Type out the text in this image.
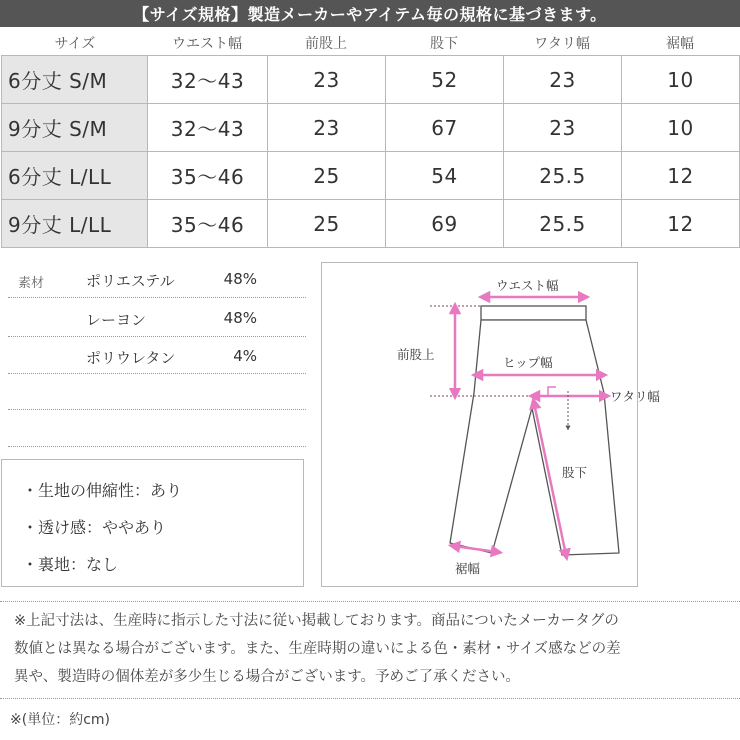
【サイズ規格】製造メーカーやアイテム毎の規格に基づきます。
サイズ	ウエスト幅	前股上	股下	ワタリ幅	裾幅
6分丈 S/M	32〜43	23	52	23	10
9分丈 S/M	32〜43	23	67	23	10
6分丈 L/LL	35〜46	25	54	25.5	12
9分丈 L/LL	35〜46	25	69	25.5	12
素材	ポリエステル	48%
レーヨン	48%
ポリウレタン	4%
・生地の伸縮性：あり
・透け感：ややあり
・裏地：なし
ウエスト幅
前股上
ヒップ幅
ワタリ幅
股下
裾幅
※上記寸法は、生産時に指示した寸法に従い掲載しております。商品についたメーカータグの
数値とは異なる場合がございます。また、生産時期の違いによる色・素材・サイズ感などの差
異や、製造時の個体差が多少生じる場合がございます。予めご了承ください。
※(単位：約cm)
